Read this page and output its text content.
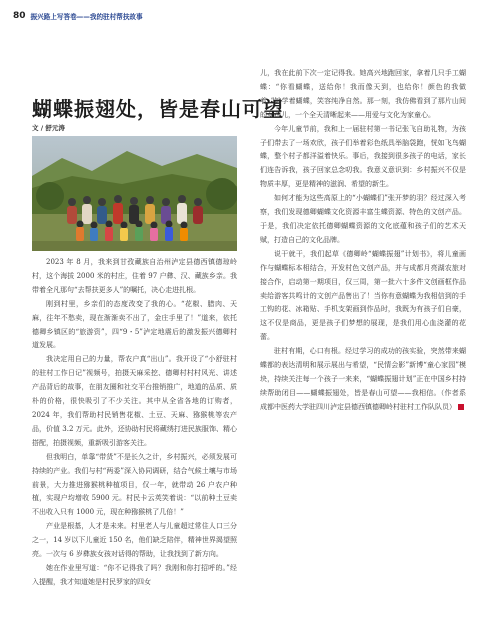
80 振兴路上写答卷——我的驻村帮扶故事
蝴蝶振翅处，皆是春山可望
文 / 舒元涛

2023 年 8 月，我来到甘孜藏族自治州泸定县德西镇德琼岭村，这个海拔 2000 米的村庄，住着 97 户彝、汉、藏族乡亲。我带着全凡那句“去帮扶更多人”的嘱托，决心走进扎根。

刚到村里，乡亲们的态度改变了我的心。“花椒、腊肉、天麻，往年不愁卖，现在渐渐卖不出了，金庄手里了！”道来，依托德卿乡镇区的“旅游资”，四“9・5”泸定地震后的激发振兴德卿村道发展。

我决定用自己的力量，帮农户真“出山”。我开设了“小舒驻村的驻村工作日记”视频号，拍摄天麻采挖、德卿村村村风光、讲述产品背后的故事，在朋友圈和社交平台推销推广，地道的品质、质朴的价格，很快吸引了不少关注。其中从全省各地的订购者，2024 年，我们帮助村民销售花椒、土豆、天麻、猕猴桃等农产品，价值 3.2 万元。此外，还协助村民将藏绣打进民族服饰、精心搭配，拍摄视频，重新吸引游客关注。

但我明白，单靠“带货”不是长久之计，乡村振兴，必须发展可持续的产业。我们与村“两委”深入协同调研，结合气候土壤与市场前景，大力推进猕猴桃种植项目，仅一年，就带动 26 户农户种植，实现户均增收 5900 元。村民卡云英笑着说：“以前种土豆卖不出收入只有 1000 元，现在种猕猴桃了几倍！”

产业是根基，人才是未来。村里老人与儿童超过常住人口三分之一，14 岁以下儿童近 150 名，他们缺乏陪伴，精神世界渴望照亮。一次与 6 岁彝族女孩对话得的帮助，让我找到了新方向。

她在作业里写道：“你不记得我了吗？我刚和你打招呼的。”经入提醒，我才知道她是村民罗家的四女

儿，我在此前下次一定记得我。她高兴地跑回家，拿着几只手工蝴蝶：“你看蝴蝶，送给你！我而像天到，也给你！颜色的我做着。”她学着蝴蝶，笑容纯净自然。那一刻，我仿佛看到了那片山间的女孩儿，一个全天清晰起来——用爱与文化为家童心。

今年儿童节前，我和上一届驻村第一书记张飞自助礼物，为孩子们带去了一场欢欣，孩子们举着彩色纸具举脑袋跑，恍如飞鸟蝴蝶，整个村子都洋溢着快乐。事后，我接到很多孩子的电话，家长们连告诉我，孩子回家总念叨我。我意义意识到：乡村振兴不仅是物质丰厚，更是精神的滋润、希望的新生。

如何才能为这些高原上的“小蝴蝶们”张开梦的羽？经过深入考察，我们发现德卿蝴蝶文化资源丰富生蝶资源、特色的文创产品。于是，我们决定依托德卿蝴蝶资源的文化底蕴和孩子们的艺术天赋，打造自己的文化品牌。

说干就干，我们起草《德卿岭“蝴蝶振翅”计划书》，将儿童画作与蝴蝶标本相结合，开发村色文创产品，并与成都月亮湖农旅对接合作，启动第一期项目，仅三周，第一批六十多件文创画框作品卖给游客共鸣计的文创产品售出了！当你有意蝴蝶为我相信到的手工钩的花、冰箱贴、手机支架画到作品时，我既为有孩子们自豪，这不仅是商品，更是孩子们梦想的展现，是我们用心血浇灌的花蕾。

驻村有期，心口有根。经过学习的成功的孩实验，突然带来蝴蝶都的表达清明和展示展出与希望，“民情会影”新博“童心家园”模块，持续关注每一个孩子一来来，“蝴蝶振翅计划”正在中国乡村持续帮助闭目——蝴蝶振翅处，皆是春山可望——我相信。（作者系成都中医药大学驻四川泸定县德西镇德卿岭村驻村工作队队员）
